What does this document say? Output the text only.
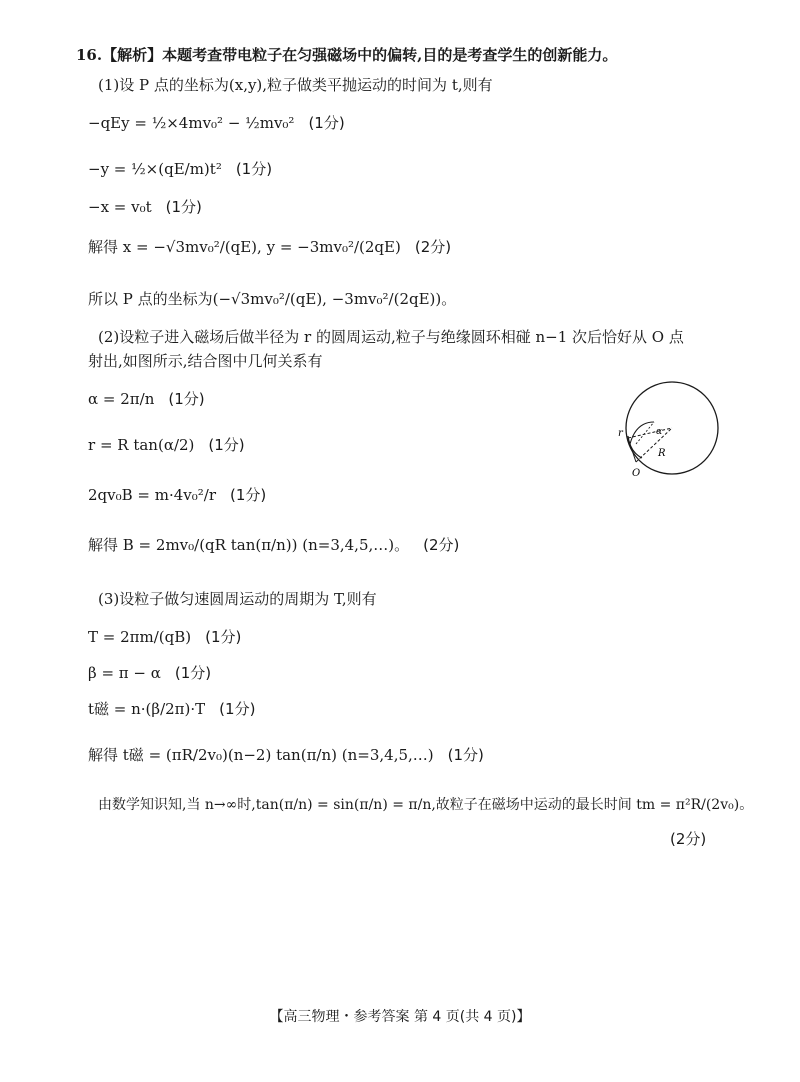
16.【解析】本题考查带电粒子在匀强磁场中的偏转,目的是考查学生的创新能力。
(1)设 P 点的坐标为(x,y),粒子做类平抛运动的时间为 t,则有
−qEy = ½×4mv₀² − ½mv₀² (1分)
−y = ½×(qE/m)t² (1分)
−x = v₀t (1分)
解得 x = −√3mv₀²/(qE), y = −3mv₀²/(2qE) (2分)
所以 P 点的坐标为(−√3mv₀²/(qE), −3mv₀²/(2qE))。
(2)设粒子进入磁场后做半径为 r 的圆周运动,粒子与绝缘圆环相碰 n−1 次后恰好从 O 点
射出,如图所示,结合图中几何关系有
α = 2π/n (1分)
r = R tan(α/2) (1分)
2qv₀B = m·4v₀²/r (1分)
解得 B = 2mv₀/(qR tan(π/n)) (n=3,4,5,…)。 (2分)
r	α
R
O
(3)设粒子做匀速圆周运动的周期为 T,则有
T = 2πm/(qB) (1分)
β = π − α (1分)
t磁 = n·(β/2π)·T (1分)
解得 t磁 = (πR/2v₀)(n−2) tan(π/n) (n=3,4,5,…) (1分)
由数学知识知,当 n→∞时,tan(π/n) = sin(π/n) = π/n,故粒子在磁场中运动的最长时间 tm = π²R/(2v₀)。
(2分)
【高三物理・参考答案 第 4 页(共 4 页)】
